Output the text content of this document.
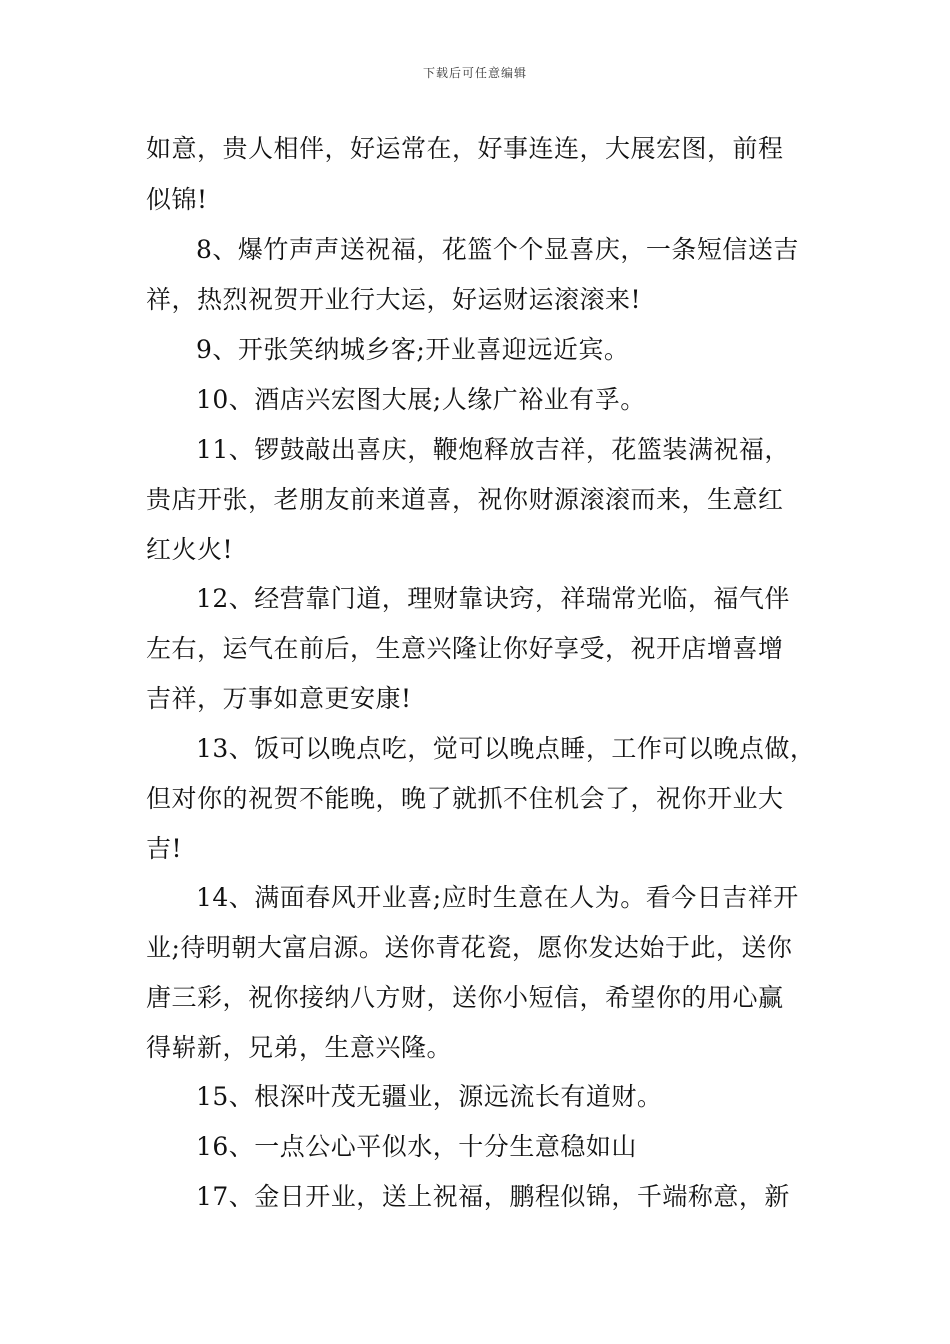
下载后可任意编辑
如意，贵人相伴，好运常在，好事连连，大展宏图，前程
似锦!
8、爆竹声声送祝福，花篮个个显喜庆，一条短信送吉
祥，热烈祝贺开业行大运，好运财运滚滚来!
9、开张笑纳城乡客;开业喜迎远近宾。
10、酒店兴宏图大展;人缘广裕业有孚。
11、锣鼓敲出喜庆，鞭炮释放吉祥，花篮装满祝福，
贵店开张，老朋友前来道喜，祝你财源滚滚而来，生意红
红火火!
12、经营靠门道，理财靠诀窍，祥瑞常光临，福气伴
左右，运气在前后，生意兴隆让你好享受，祝开店增喜增
吉祥，万事如意更安康!
13、饭可以晚点吃，觉可以晚点睡，工作可以晚点做，
但对你的祝贺不能晚，晚了就抓不住机会了，祝你开业大
吉!
14、满面春风开业喜;应时生意在人为。看今日吉祥开
业;待明朝大富启源。送你青花瓷，愿你发达始于此，送你
唐三彩，祝你接纳八方财，送你小短信，希望你的用心赢
得崭新，兄弟，生意兴隆。
15、根深叶茂无疆业，源远流长有道财。
16、一点公心平似水，十分生意稳如山
17、金日开业，送上祝福，鹏程似锦，千端称意，新
